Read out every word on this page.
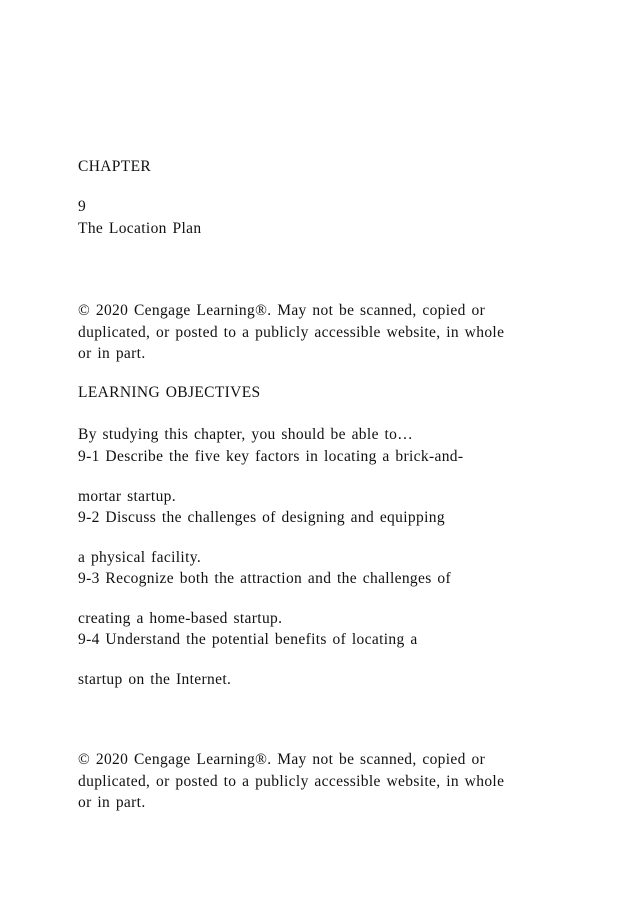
CHAPTER
9
The Location Plan
© 2020 Cengage Learning®. May not be scanned, copied or
duplicated, or posted to a publicly accessible website, in whole
or in part.
LEARNING OBJECTIVES
By studying this chapter, you should be able to…
9-1 Describe the five key factors in locating a brick-and-
mortar startup.
9-2 Discuss the challenges of designing and equipping
a physical facility.
9-3 Recognize both the attraction and the challenges of
creating a home-based startup.
9-4 Understand the potential benefits of locating a
startup on the Internet.
© 2020 Cengage Learning®. May not be scanned, copied or
duplicated, or posted to a publicly accessible website, in whole
or in part.
